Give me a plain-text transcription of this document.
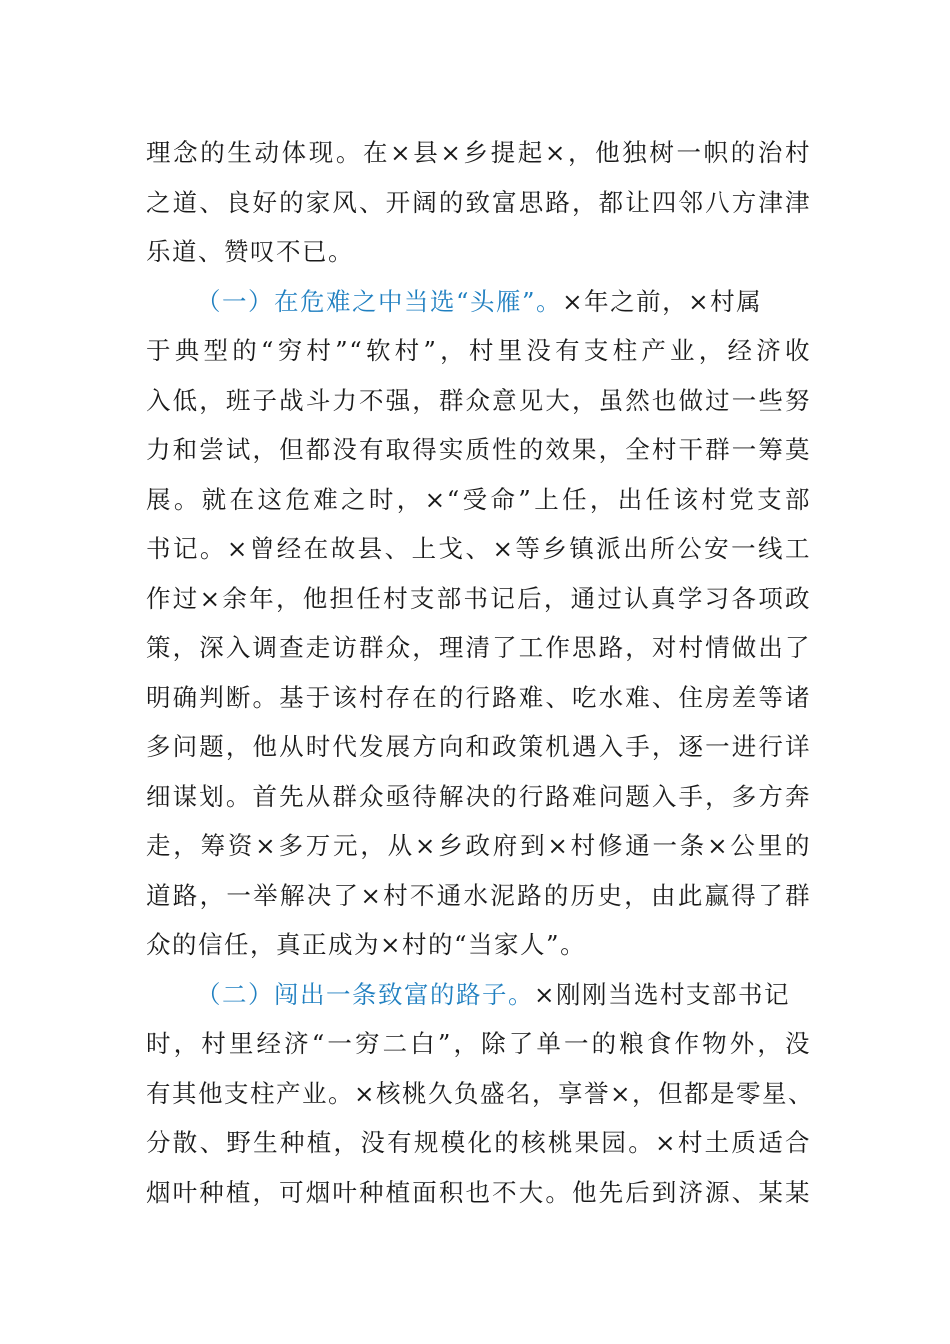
理念的生动体现。在×县×乡提起×，他独树一帜的治村
之道、良好的家风、开阔的致富思路，都让四邻八方津津
乐道、赞叹不已。
（一）在危难之中当选“头雁”。×年之前，×村属
于典型的“穷村”“软村”，村里没有支柱产业，经济收
入低，班子战斗力不强，群众意见大，虽然也做过一些努
力和尝试，但都没有取得实质性的效果，全村干群一筹莫
展。就在这危难之时，×“受命”上任，出任该村党支部
书记。×曾经在故县、上戈、×等乡镇派出所公安一线工
作过×余年，他担任村支部书记后，通过认真学习各项政
策，深入调查走访群众，理清了工作思路，对村情做出了
明确判断。基于该村存在的行路难、吃水难、住房差等诸
多问题，他从时代发展方向和政策机遇入手，逐一进行详
细谋划。首先从群众亟待解决的行路难问题入手，多方奔
走，筹资×多万元，从×乡政府到×村修通一条×公里的
道路，一举解决了×村不通水泥路的历史，由此赢得了群
众的信任，真正成为×村的“当家人”。
（二）闯出一条致富的路子。×刚刚当选村支部书记
时，村里经济“一穷二白”，除了单一的粮食作物外，没
有其他支柱产业。×核桃久负盛名，享誉×，但都是零星、
分散、野生种植，没有规模化的核桃果园。×村土质适合
烟叶种植，可烟叶种植面积也不大。他先后到济源、某某
